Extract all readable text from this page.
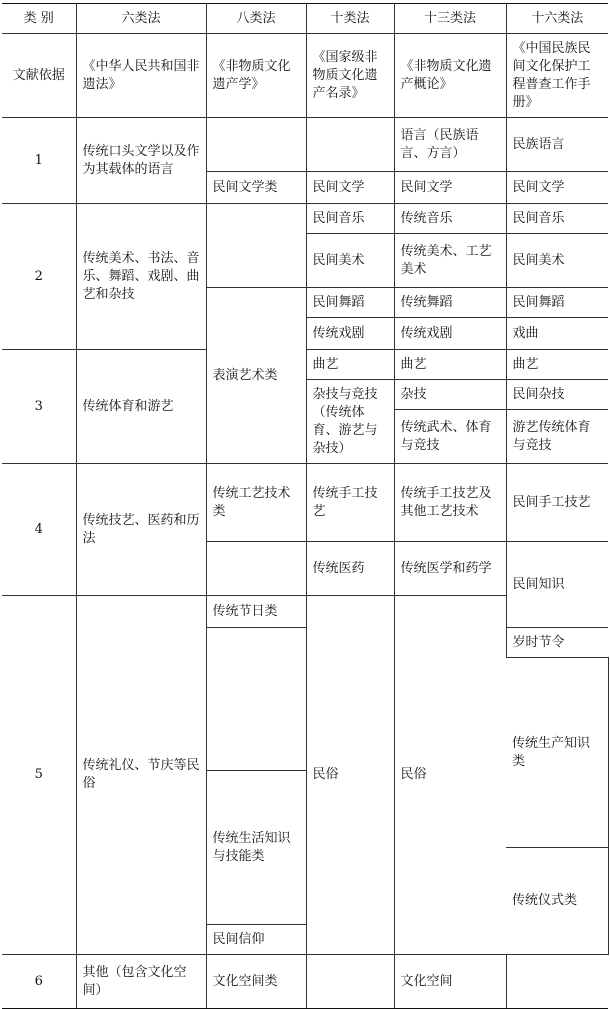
类 别	六类法	八类法	十类法	十三类法	十六类法	
文献依据	《中华人民共和国非遗法》	《非物质文化遗产学》	《国家级非物质文化遗产名录》	《非物质文化遗产概论》	《中国民族民间文化保护工程普查工作手册》	
1	传统口头文学以及作为其载体的语言			语言（民族语言、方言）	民族语言	
		民间文学类	民间文学	民间文学	民间文学	
2	传统美术、书法、音乐、舞蹈、戏剧、曲艺和杂技		民间音乐	传统音乐	民间音乐	
			民间美术	传统美术、工艺美术	民间美术	
		表演艺术类	民间舞蹈	传统舞蹈	民间舞蹈	
			传统戏剧	传统戏剧	戏曲	
3	传统体育和游艺		曲艺	曲艺	曲艺	
			杂技与竞技（传统体育、游艺与杂技）	杂技	民间杂技	
				传统武术、体育与竞技	游艺传统体育与竞技	
4	传统技艺、医药和历法	传统工艺技术类	传统手工技艺	传统手工技艺及其他工艺技术	民间手工技艺	
			传统医药	传统医学和药学	民间知识	
5	传统礼仪、节庆等民俗	传统节日类	民俗	民俗		
					岁时节令	
					传统生产知识类	
		传统生活知识与技能类	
					传统仪式类	
		民间信仰				
6	其他（包含文化空间）	文化空间类		文化空间		
